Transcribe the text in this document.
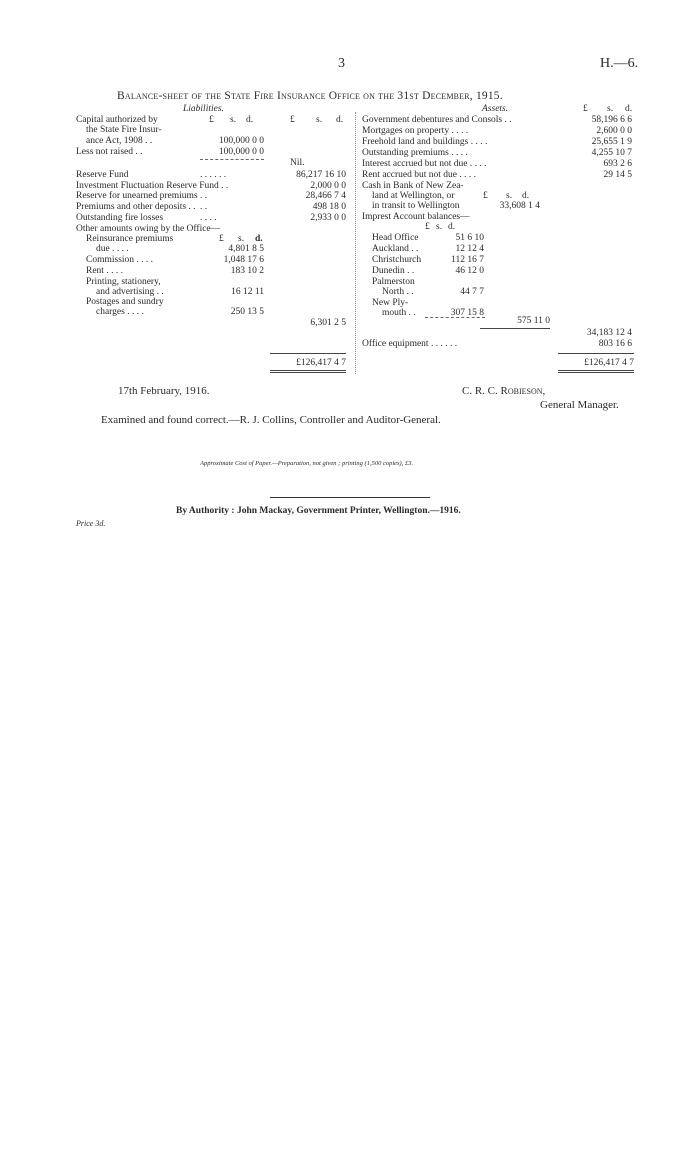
3	H.—6.
Balance-sheet of the State Fire Insurance Office on the 31st December, 1915.
Liabilities.
£ s. d.
Capital authorized by	£ s. d.
the State Fire Insur-
ance Act, 1908 . .	100,000 0 0
Less not raised . .	100,000 0 0
Nil.
Reserve Fund	. . . . . .	86,217 16 10
Investment Fluctuation Reserve Fund . .	2,000 0 0
Reserve for unearned premiums . .	28,466 7 4
Premiums and other deposits . . . .	498 18 0
Outstanding fire losses	. . . .	2,933 0 0
Other amounts owing by the Office—
£ s. d.
Reinsurance premiums
due . . . .	4,801 8 5
Commission . . . .	1,048 17 6
Rent . . . .	183 10 2
Printing, stationery,
and advertising . .	16 12 11
Postages and sundry
charges . . . .	250 13 5
6,301 2 5
£126,417 4 7
Assets.	£ s. d.
Government debentures and Consols . .	58,196 6 6
Mortgages on property . . . .	2,600 0 0
Freehold land and buildings . . . .	25,655 1 9
Outstanding premiums . . . .	4,255 10 7
Interest accrued but not due . . . .	693 2 6
Rent accrued but not due . . . .	29 14 5
Cash in Bank of New Zea-
land at Wellington, or	£ s. d.
in transit to Wellington	33,608 1 4
Imprest Account balances—
£ s. d.
Head Office	51 6 10
Auckland . .	12 12 4
Christchurch	112 16 7
Dunedin . .	46 12 0
Palmerston
North . .	44 7 7
New Ply-
mouth . .	307 15 8
575 11 0
34,183 12 4
Office equipment . . . . . .	803 16 6
£126,417 4 7
17th February, 1916.	C. R. C. Robieson,
General Manager.
Examined and found correct.—R. J. Collins, Controller and Auditor-General.
Approximate Cost of Paper.—Preparation, not given ; printing (1,500 copies), £3.
By Authority : John Mackay, Government Printer, Wellington.—1916.
Price 3d.
